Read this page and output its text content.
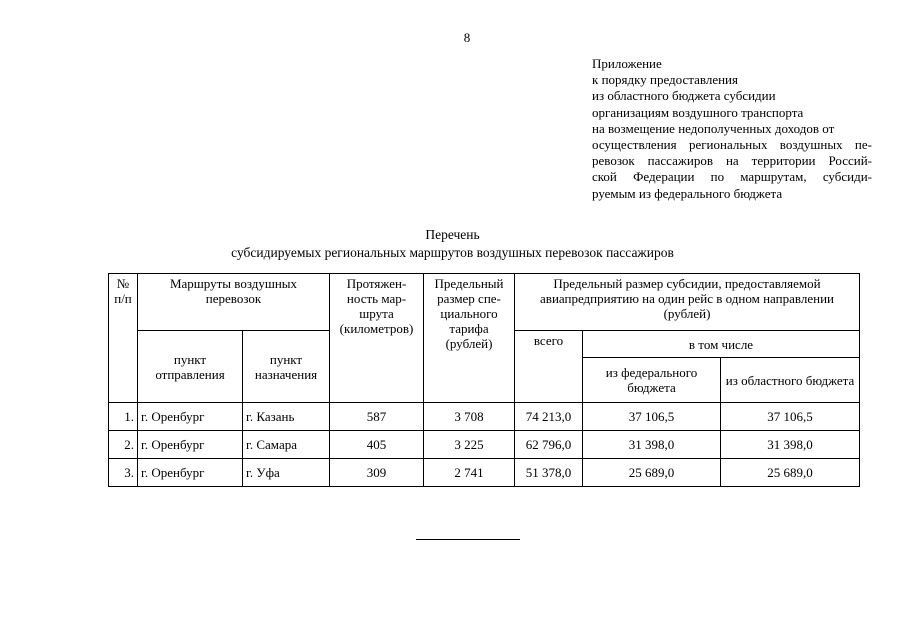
8
Приложение
к порядку предоставления
из областного бюджета субсидии
организациям воздушного транспорта
на возмещение недополученных доходов от
осуществления региональных воздушных пе-
ревозок пассажиров на территории Россий-
ской Федерации по маршрутам, субсиди-
руемым из федерального бюджета
Перечень
субсидируемых региональных маршрутов воздушных перевозок пассажиров
№ п/п	Маршруты воздушных перевозок		Протяжен-ность мар-шрута (километров)	Предельный размер спе-циального тарифа (рублей)	Предельный размер субсидии, предоставляемой авиапредприятию на один рейс в одном направлении (рублей)		
	пункт отправления	пункт назначения			всего	в том числе	
						из федерального бюджета	из областного бюджета
1.	г. Оренбург	г. Казань	587	3 708	74 213,0	37 106,5	37 106,5
2.	г. Оренбург	г. Самара	405	3 225	62 796,0	31 398,0	31 398,0
3.	г. Оренбург	г. Уфа	309	2 741	51 378,0	25 689,0	25 689,0
